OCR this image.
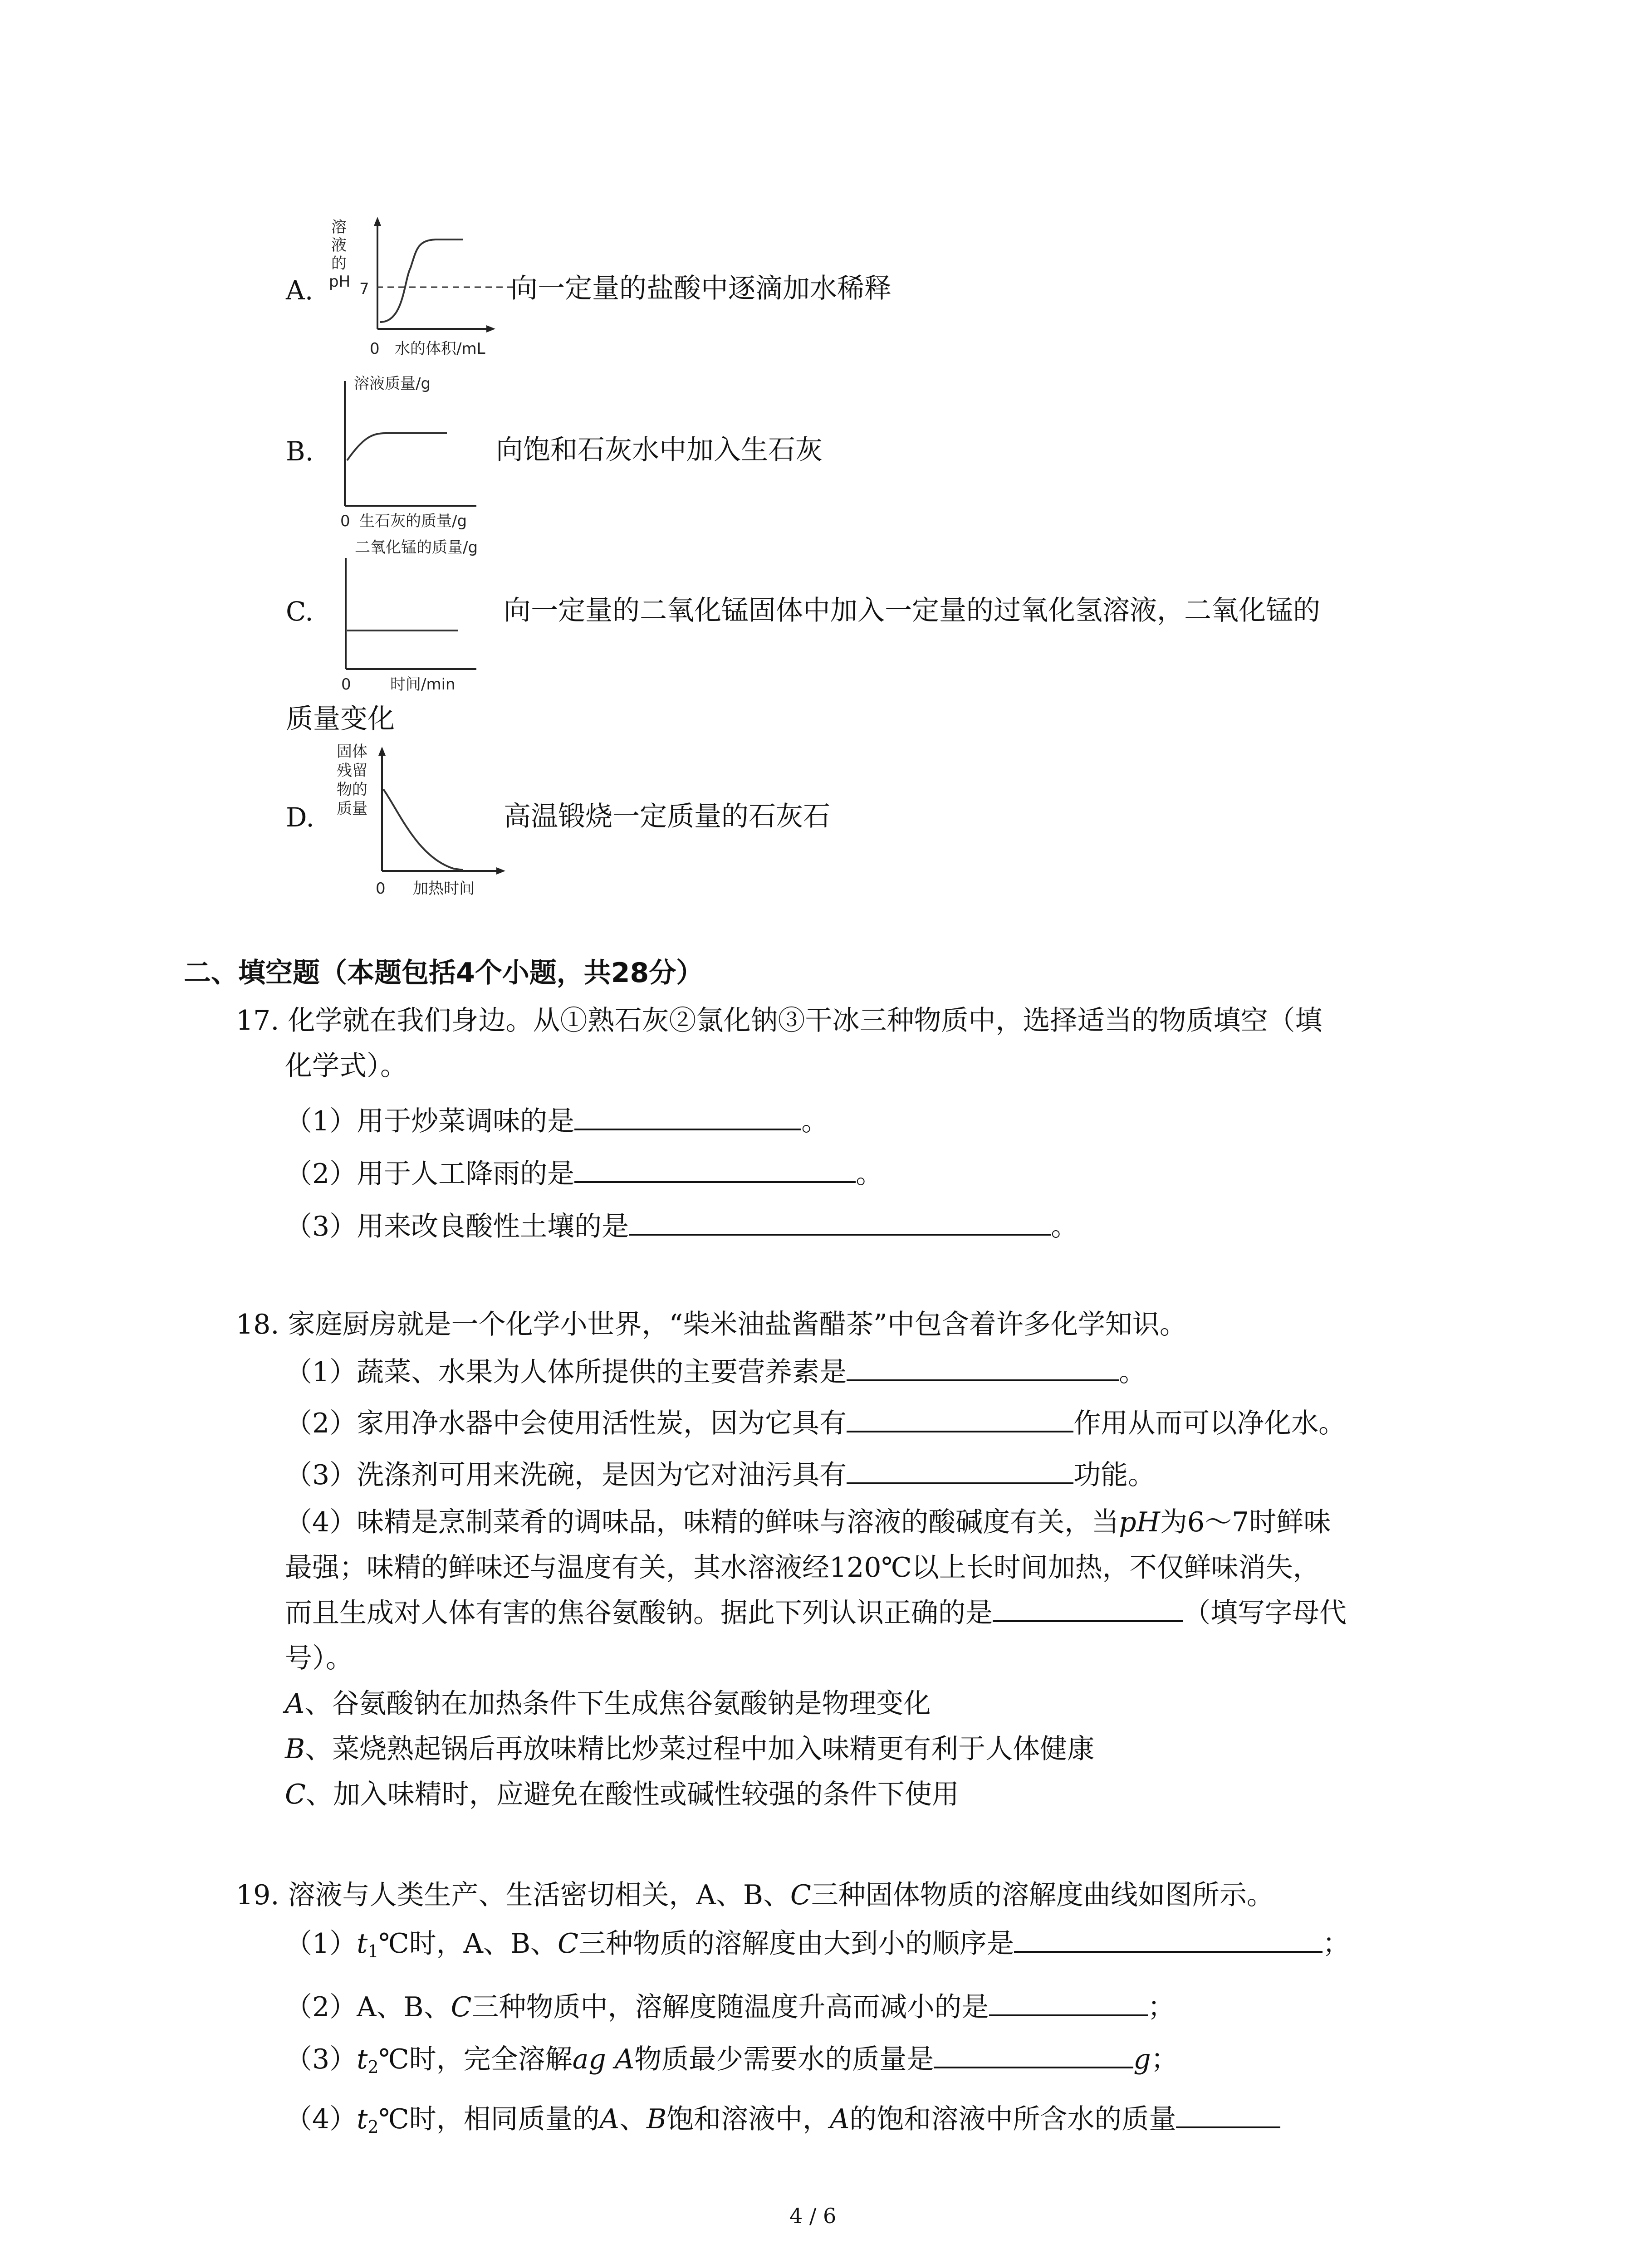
A.
溶
液
的
pH 7
0 水的体积/mL
向一定量的盐酸中逐滴加水稀释
B.
溶液质量/g
0 生石灰的质量/g
向饱和石灰水中加入生石灰
C.
二氧化锰的质量/g
0	时间/min
向一定量的二氧化锰固体中加入一定量的过氧化氢溶液，二氧化锰的
质量变化
D.
固体
残留
物的
质量
0 加热时间
高温锻烧一定质量的石灰石
二、填空题（本题包括4个小题，共28分）
17. 化学就在我们身边。从①熟石灰②氯化钠③干冰三种物质中，选择适当的物质填空（填
化学式）。
（1）用于炒菜调味的是	。
（2）用于人工降雨的是	。
（3）用来改良酸性土壤的是	。
18. 家庭厨房就是一个化学小世界，“柴米油盐酱醋茶”中包含着许多化学知识。
（1）蔬菜、水果为人体所提供的主要营养素是	。
（2）家用净水器中会使用活性炭，因为它具有	作用从而可以净化水。
（3）洗涤剂可用来洗碗，是因为它对油污具有	功能。
（4）味精是烹制菜肴的调味品，味精的鲜味与溶液的酸碱度有关，当pH为6～7时鲜味
最强；味精的鲜味还与温度有关，其水溶液经120℃以上长时间加热，不仅鲜味消失，
而且生成对人体有害的焦谷氨酸钠。据此下列认识正确的是	（填写字母代
号）。
A、谷氨酸钠在加热条件下生成焦谷氨酸钠是物理变化
B、菜烧熟起锅后再放味精比炒菜过程中加入味精更有利于人体健康
C、加入味精时，应避免在酸性或碱性较强的条件下使用
19. 溶液与人类生产、生活密切相关，A、B、C三种固体物质的溶解度曲线如图所示。
$(1)t_1℃$时，A、B、C三种物质的溶解度由大到小的顺序是	；
（2）A、B、C三种物质中，溶解度随温度升高而减小的是	；
$(3)t_2℃$时，完全溶解ag A物质最少需要水的质量是	g；
$(4)t_2℃$时，相同质量的A、B饱和溶液中，A的饱和溶液中所含水的质量
4 / 6
